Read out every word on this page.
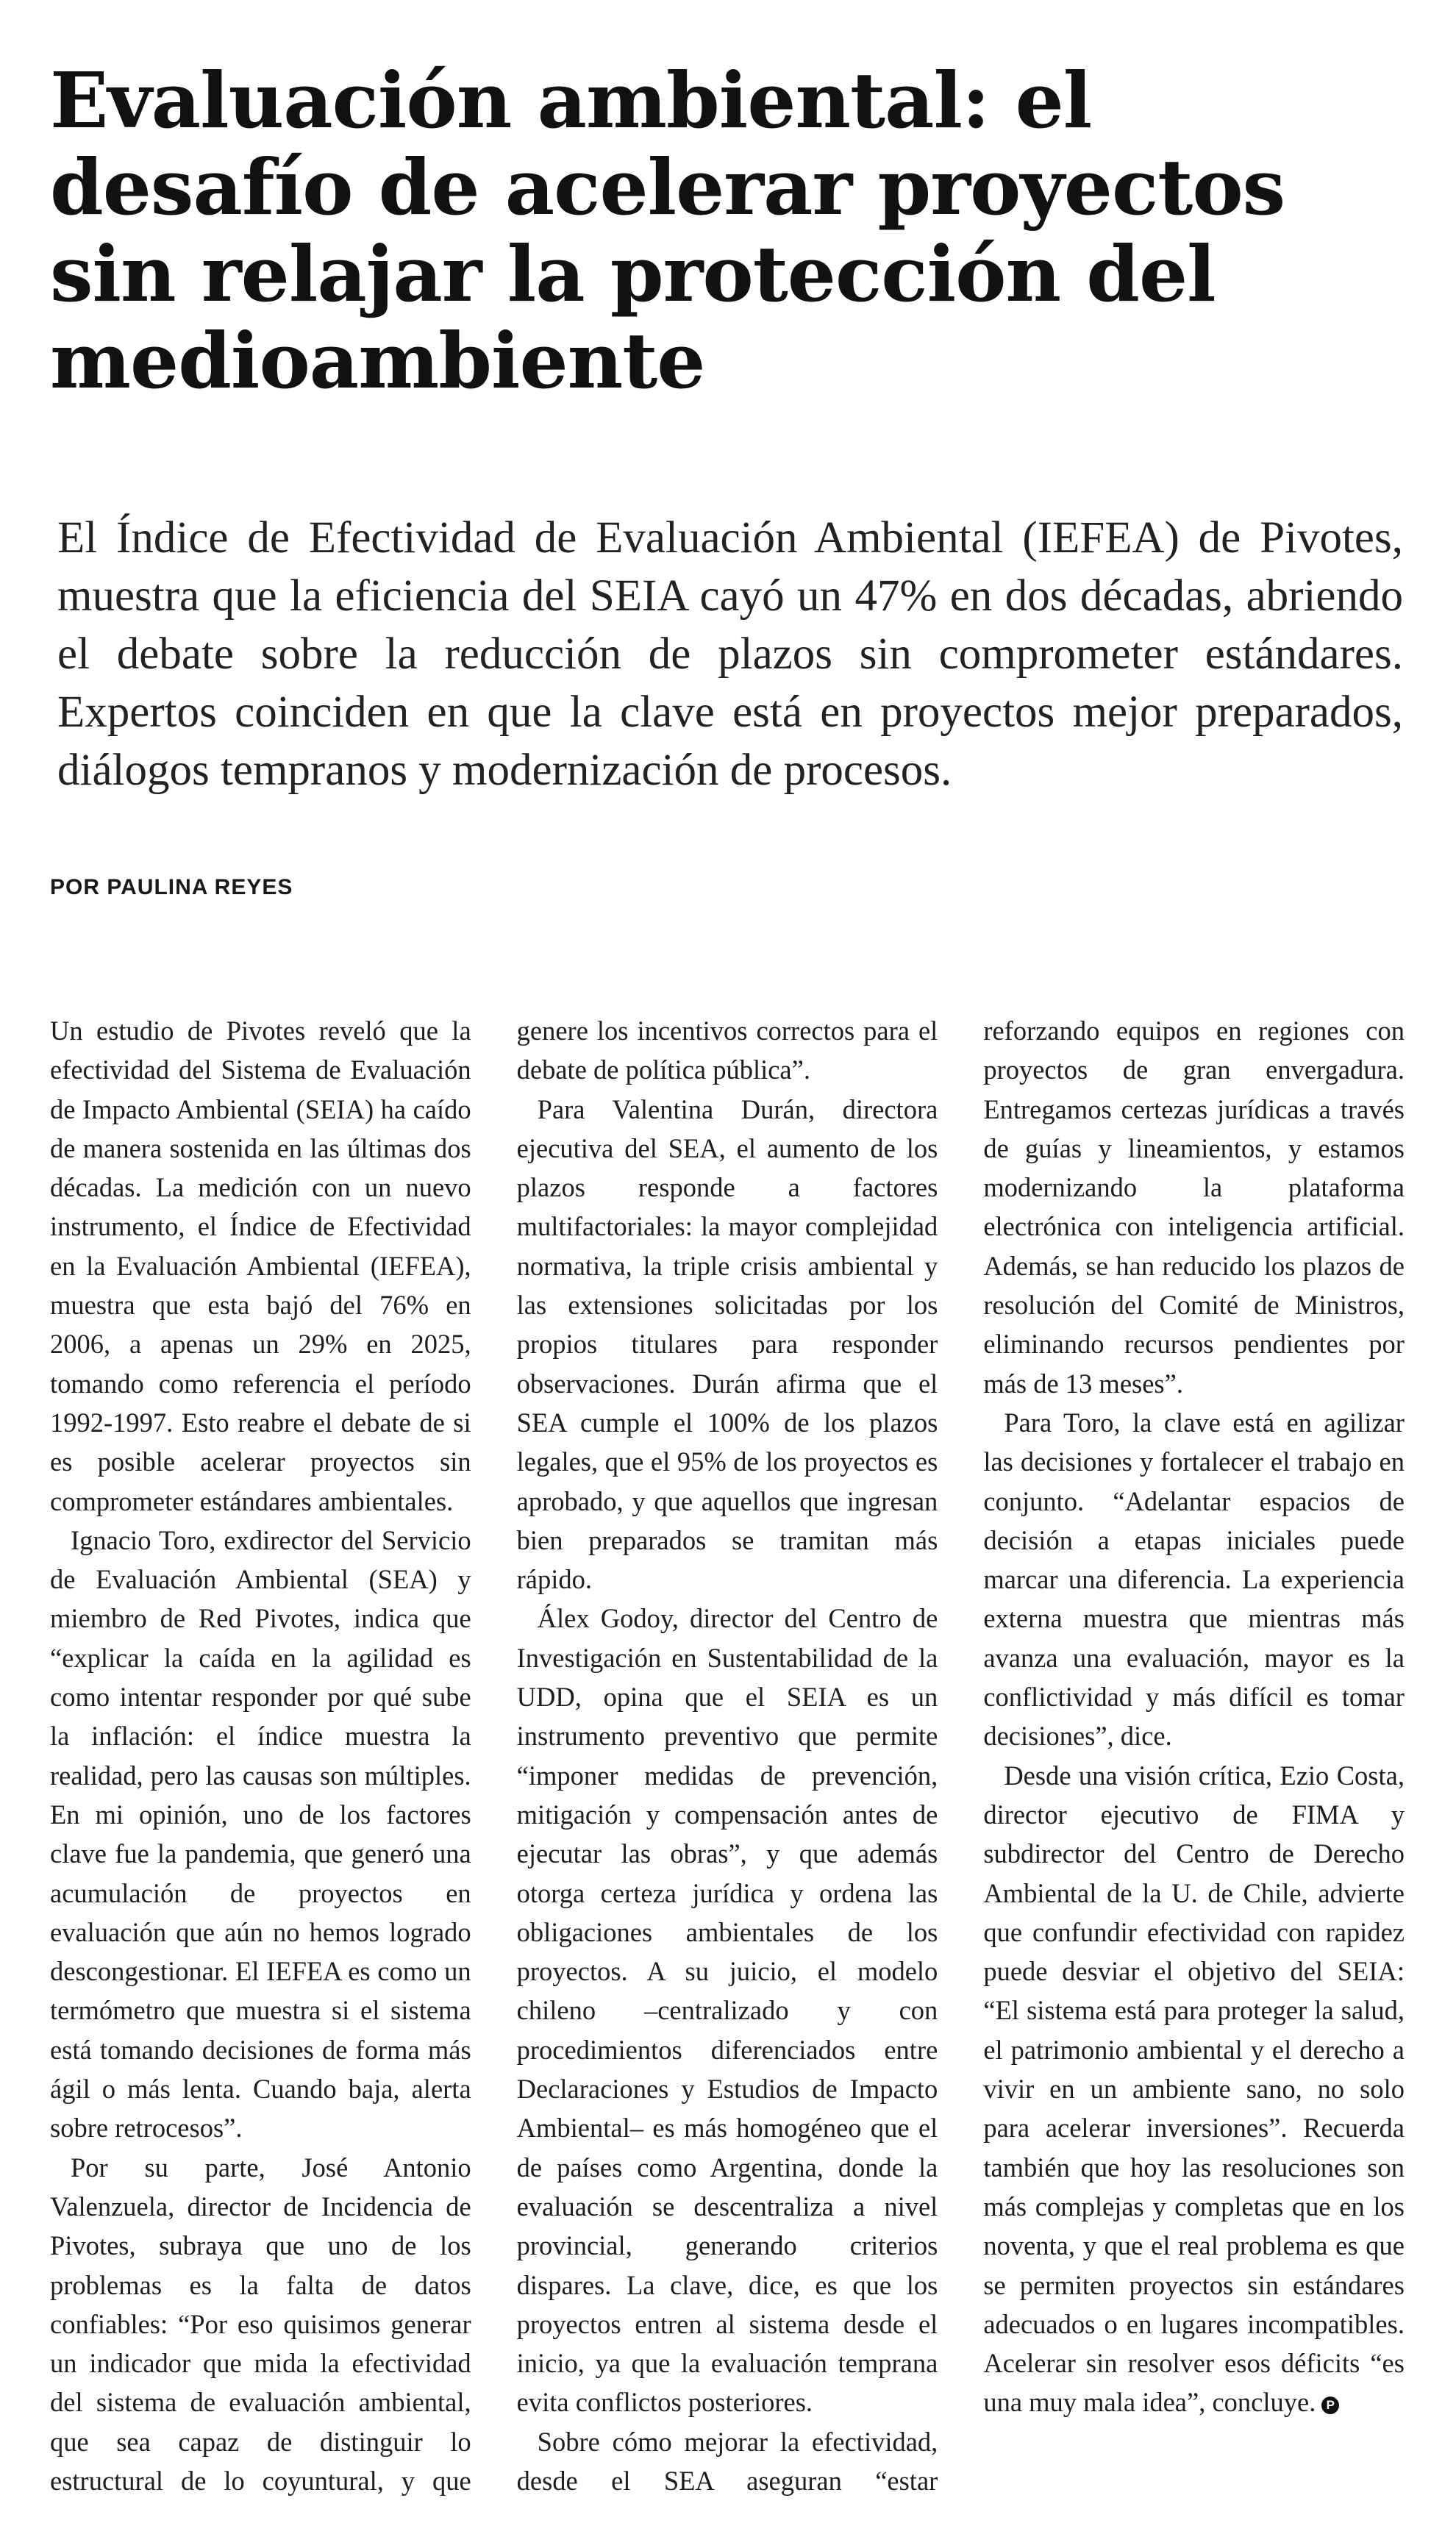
Evaluación ambiental: el desafío de acelerar proyectos sin relajar la protección del medioambiente

El Índice de Efectividad de Evaluación Ambiental (IEFEA) de Pivotes, muestra que la eficiencia del SEIA cayó un 47% en dos décadas, abriendo el debate sobre la reducción de plazos sin comprometer estándares. Expertos coinciden en que la clave está en proyectos mejor preparados, diálogos tempranos y modernización de procesos.

POR PAULINA REYES

Un estudio de Pivotes reveló que la efectividad del Sistema de Evaluación de Impacto Ambiental (SEIA) ha caído de manera sostenida en las últimas dos décadas. La medición con un nuevo instrumento, el Índice de Efectividad en la Evaluación Ambiental (IEFEA), muestra que esta bajó del 76% en 2006, a apenas un 29% en 2025, tomando como referencia el período 1992-1997. Esto reabre el debate de si es posible acelerar proyectos sin comprometer estándares ambientales.

Ignacio Toro, exdirector del Servicio de Evaluación Ambiental (SEA) y miembro de Red Pivotes, indica que “explicar la caída en la agilidad es como intentar responder por qué sube la inflación: el índice muestra la realidad, pero las causas son múltiples. En mi opinión, uno de los factores clave fue la pandemia, que generó una acumulación de proyectos en evaluación que aún no hemos logrado descongestionar. El IEFEA es como un termómetro que muestra si el sistema está tomando decisiones de forma más ágil o más lenta. Cuando baja, alerta sobre retrocesos”.

Por su parte, José Antonio Valenzuela, director de Incidencia de Pivotes, subraya que uno de los problemas es la falta de datos confiables: “Por eso quisimos generar un indicador que mida la efectividad del sistema de evaluación ambiental, que sea capaz de distinguir lo estructural de lo coyuntural, y que genere los incentivos correctos para el debate de política pública”.

Para Valentina Durán, directora ejecutiva del SEA, el aumento de los plazos responde a factores multifactoriales: la mayor complejidad normativa, la triple crisis ambiental y las extensiones solicitadas por los propios titulares para responder observaciones. Durán afirma que el SEA cumple el 100% de los plazos legales, que el 95% de los proyectos es aprobado, y que aquellos que ingresan bien preparados se tramitan más rápido.

Álex Godoy, director del Centro de Investigación en Sustentabilidad de la UDD, opina que el SEIA es un instrumento preventivo que permite “imponer medidas de prevención, mitigación y compensación antes de ejecutar las obras”, y que además otorga certeza jurídica y ordena las obligaciones ambientales de los proyectos. A su juicio, el modelo chileno –centralizado y con procedimientos diferenciados entre Declaraciones y Estudios de Impacto Ambiental– es más homogéneo que el de países como Argentina, donde la evaluación se descentraliza a nivel provincial, generando criterios dispares. La clave, dice, es que los proyectos entren al sistema desde el inicio, ya que la evaluación temprana evita conflictos posteriores.

Sobre cómo mejorar la efectividad, desde el SEA aseguran “estar reforzando equipos en regiones con proyectos de gran envergadura. Entregamos certezas jurídicas a través de guías y lineamientos, y estamos modernizando la plataforma electrónica con inteligencia artificial. Además, se han reducido los plazos de resolución del Comité de Ministros, eliminando recursos pendientes por más de 13 meses”.

Para Toro, la clave está en agilizar las decisiones y fortalecer el trabajo en conjunto. “Adelantar espacios de decisión a etapas iniciales puede marcar una diferencia. La experiencia externa muestra que mientras más avanza una evaluación, mayor es la conflictividad y más difícil es tomar decisiones”, dice.

Desde una visión crítica, Ezio Costa, director ejecutivo de FIMA y subdirector del Centro de Derecho Ambiental de la U. de Chile, advierte que confundir efectividad con rapidez puede desviar el objetivo del SEIA: “El sistema está para proteger la salud, el patrimonio ambiental y el derecho a vivir en un ambiente sano, no solo para acelerar inversiones”. Recuerda también que hoy las resoluciones son más complejas y completas que en los noventa, y que el real problema es que se permiten proyectos sin estándares adecuados o en lugares incompatibles. Acelerar sin resolver esos déficits “es una muy mala idea”, concluye. P
